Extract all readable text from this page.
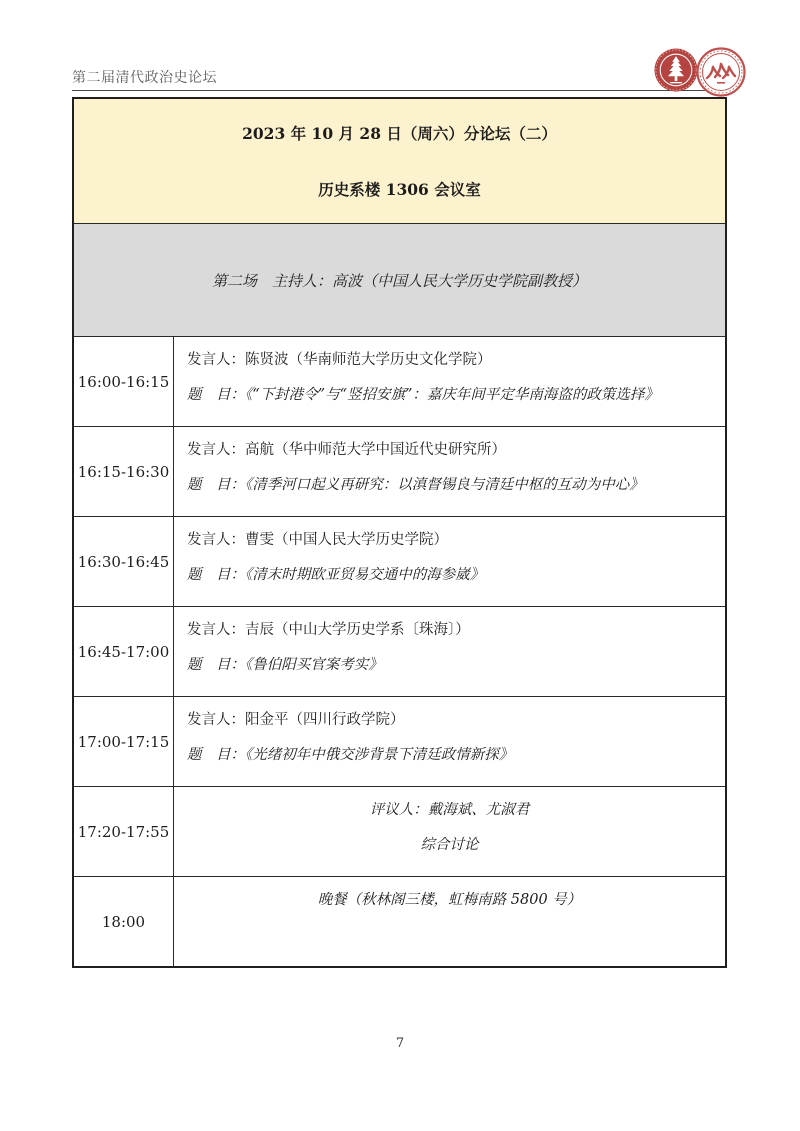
第二届清代政治史论坛
2023 年 10 月 28 日（周六）分论坛（二）
历史系楼 1306 会议室
第二场　主持人：高波（中国人民大学历史学院副教授）
16:00-16:15
发言人：陈贤波（华南师范大学历史文化学院）
题　目：《“下封港令”与“竖招安旗”：嘉庆年间平定华南海盗的政策选择》
16:15-16:30
发言人：高航（华中师范大学中国近代史研究所）
题　目：《清季河口起义再研究：以滇督锡良与清廷中枢的互动为中心》
16:30-16:45
发言人：曹雯（中国人民大学历史学院）
题　目：《清末时期欧亚贸易交通中的海参崴》
16:45-17:00
发言人：吉辰（中山大学历史学系〔珠海〕）
题　目：《鲁伯阳买官案考实》
17:00-17:15
发言人：阳金平（四川行政学院）
题　目：《光绪初年中俄交涉背景下清廷政情新探》
17:20-17:55
评议人：戴海斌、尤淑君
综合讨论
18:00
晚餐（秋林阁三楼，虹梅南路 5800 号）
7
